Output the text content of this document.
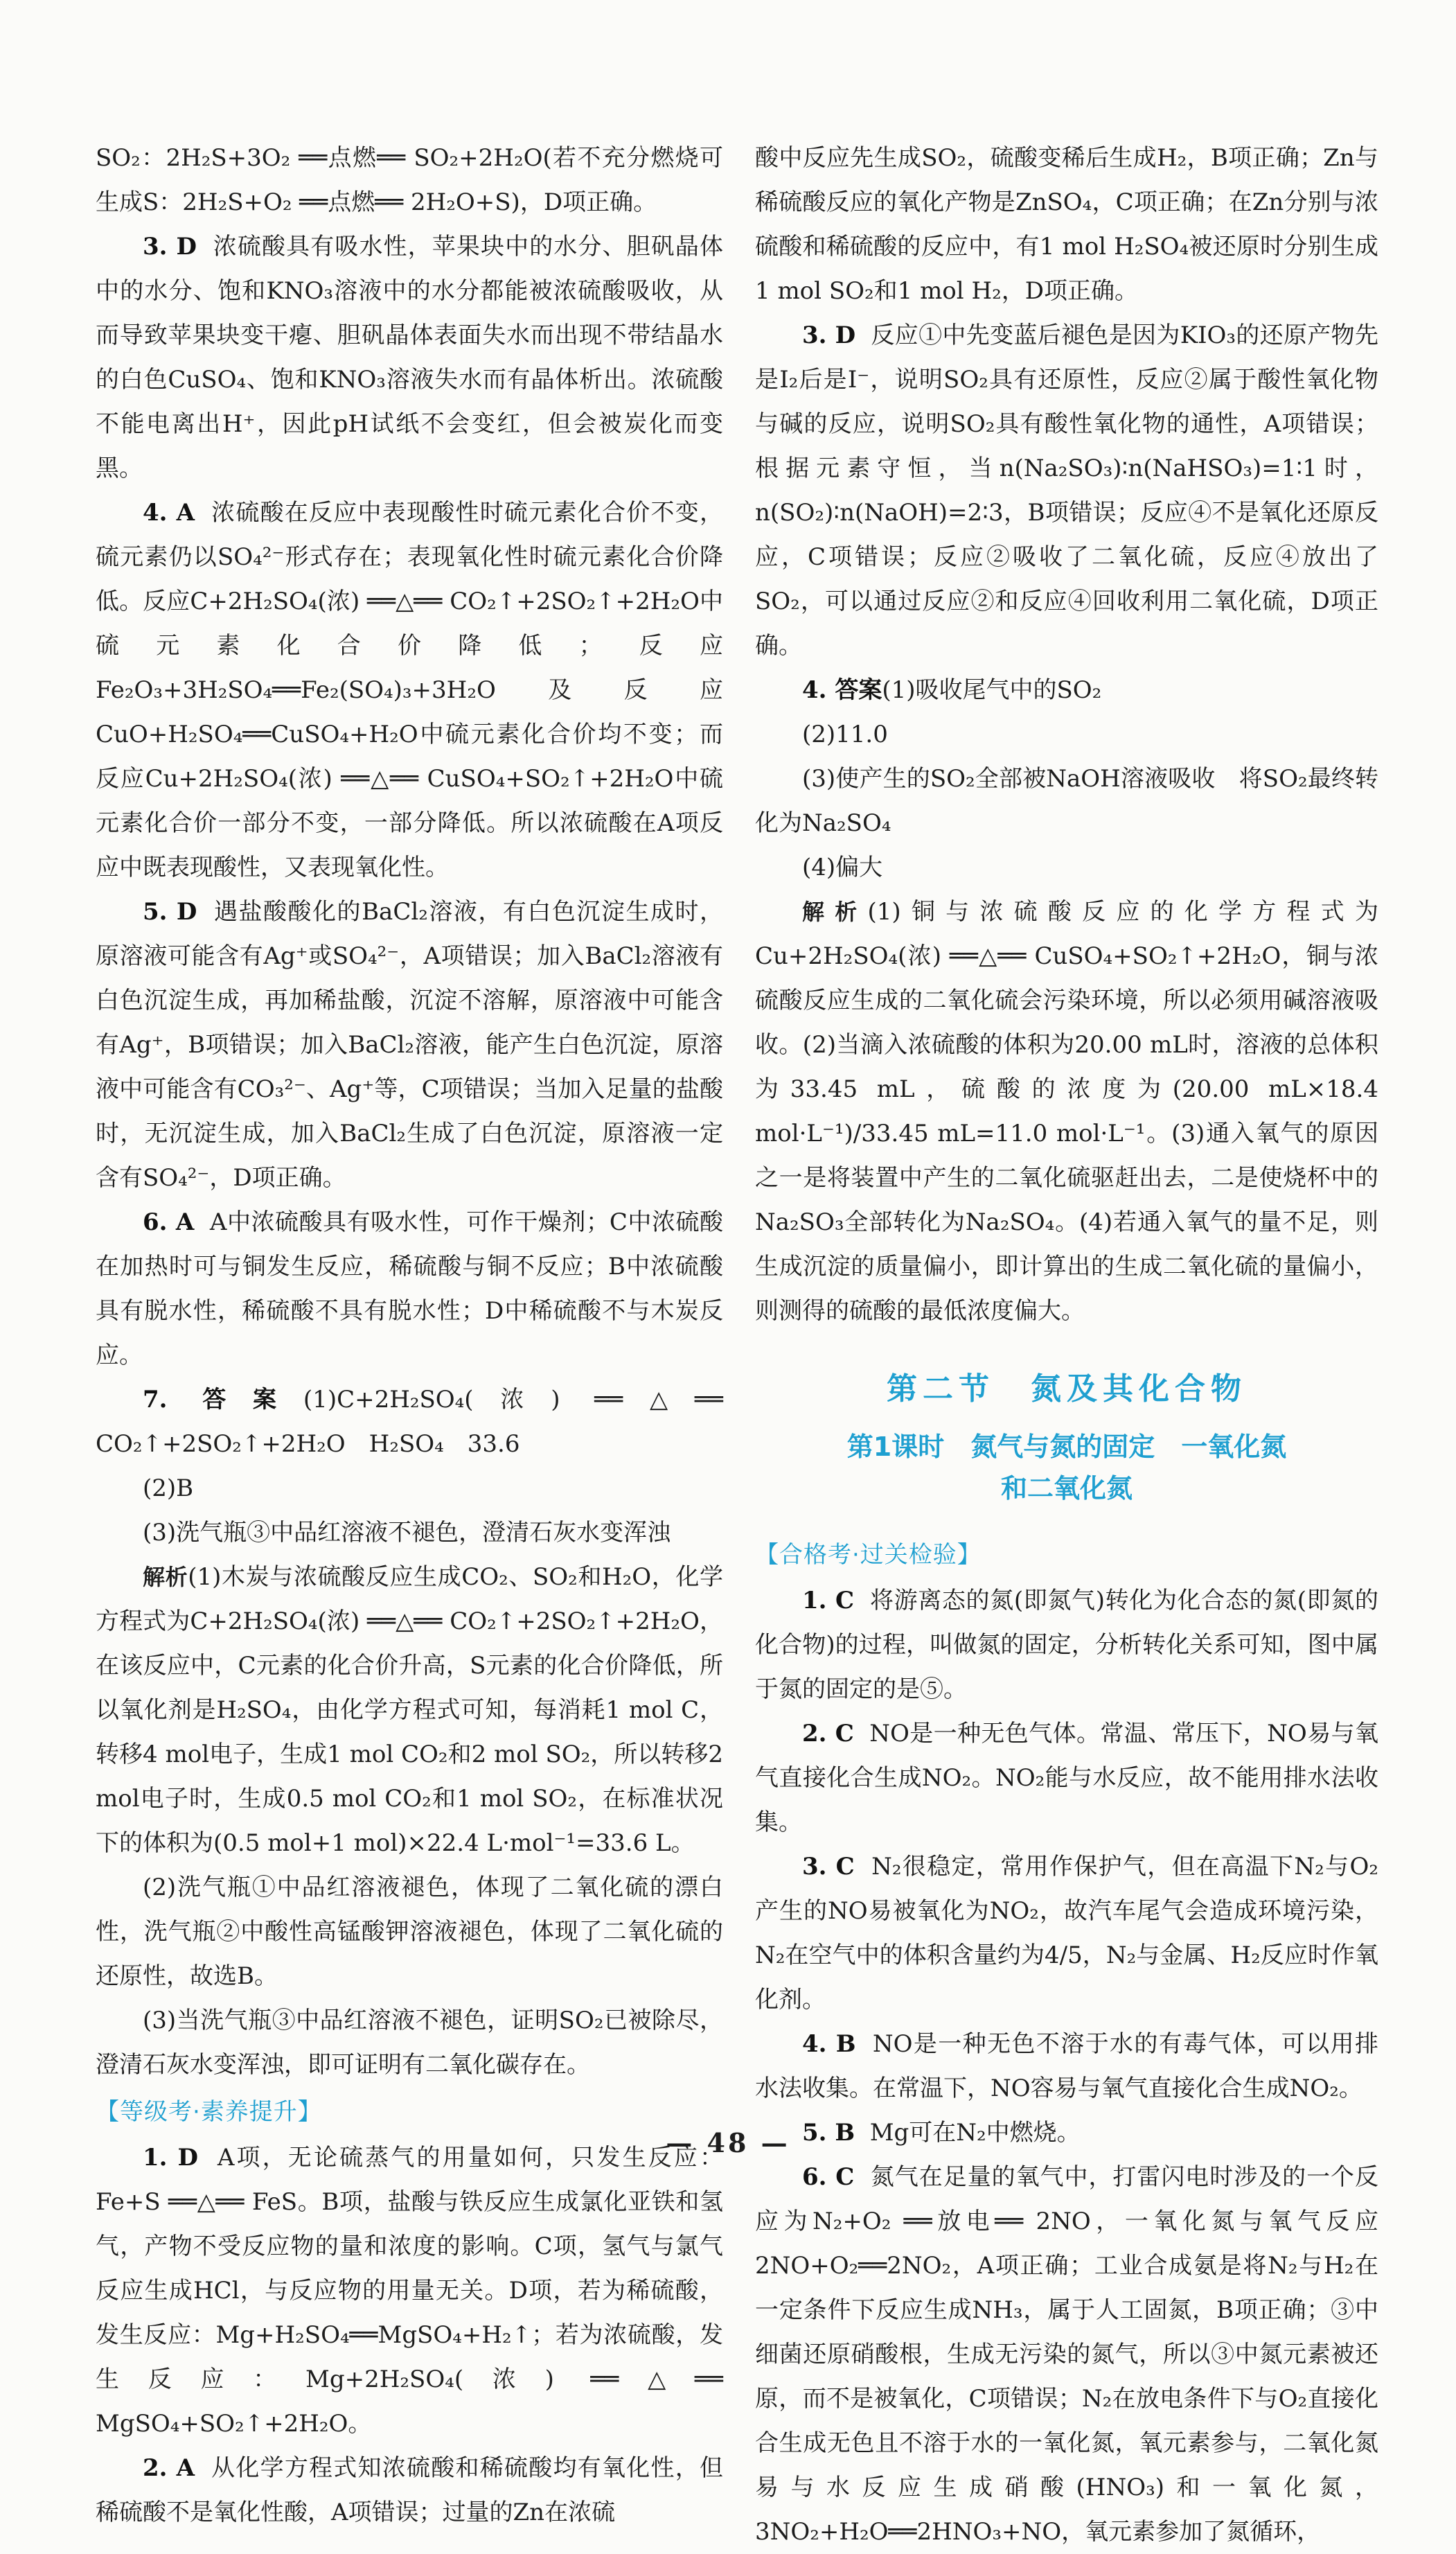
SO₂：2H₂S+3O₂ ══点燃══ SO₂+2H₂O(若不充分燃烧可生成S：2H₂S+O₂ ══点燃══ 2H₂O+S)，D项正确。

3. D  浓硫酸具有吸水性，苹果块中的水分、胆矾晶体中的水分、饱和KNO₃溶液中的水分都能被浓硫酸吸收，从而导致苹果块变干瘪、胆矾晶体表面失水而出现不带结晶水的白色CuSO₄、饱和KNO₃溶液失水而有晶体析出。浓硫酸不能电离出H⁺，因此pH试纸不会变红，但会被炭化而变黑。

4. A  浓硫酸在反应中表现酸性时硫元素化合价不变，硫元素仍以SO₄²⁻形式存在；表现氧化性时硫元素化合价降低。反应C+2H₂SO₄(浓) ══△══ CO₂↑+2SO₂↑+2H₂O中硫元素化合价降低；反应Fe₂O₃+3H₂SO₄══Fe₂(SO₄)₃+3H₂O及反应CuO+H₂SO₄══CuSO₄+H₂O中硫元素化合价均不变；而反应Cu+2H₂SO₄(浓) ══△══ CuSO₄+SO₂↑+2H₂O中硫元素化合价一部分不变，一部分降低。所以浓硫酸在A项反应中既表现酸性，又表现氧化性。

5. D  遇盐酸酸化的BaCl₂溶液，有白色沉淀生成时，原溶液可能含有Ag⁺或SO₄²⁻，A项错误；加入BaCl₂溶液有白色沉淀生成，再加稀盐酸，沉淀不溶解，原溶液中可能含有Ag⁺，B项错误；加入BaCl₂溶液，能产生白色沉淀，原溶液中可能含有CO₃²⁻、Ag⁺等，C项错误；当加入足量的盐酸时，无沉淀生成，加入BaCl₂生成了白色沉淀，原溶液一定含有SO₄²⁻，D项正确。

6. A  A中浓硫酸具有吸水性，可作干燥剂；C中浓硫酸在加热时可与铜发生反应，稀硫酸与铜不反应；B中浓硫酸具有脱水性，稀硫酸不具有脱水性；D中稀硫酸不与木炭反应。

7. 答案(1)C+2H₂SO₄(浓) ══△══ CO₂↑+2SO₂↑+2H₂O　H₂SO₄　33.6

(2)B

(3)洗气瓶③中品红溶液不褪色，澄清石灰水变浑浊

解析(1)木炭与浓硫酸反应生成CO₂、SO₂和H₂O，化学方程式为C+2H₂SO₄(浓) ══△══ CO₂↑+2SO₂↑+2H₂O，在该反应中，C元素的化合价升高，S元素的化合价降低，所以氧化剂是H₂SO₄，由化学方程式可知，每消耗1 mol C，转移4 mol电子，生成1 mol CO₂和2 mol SO₂，所以转移2 mol电子时，生成0.5 mol CO₂和1 mol SO₂，在标准状况下的体积为(0.5 mol+1 mol)×22.4 L·mol⁻¹=33.6 L。

(2)洗气瓶①中品红溶液褪色，体现了二氧化硫的漂白性，洗气瓶②中酸性高锰酸钾溶液褪色，体现了二氧化硫的还原性，故选B。

(3)当洗气瓶③中品红溶液不褪色，证明SO₂已被除尽，澄清石灰水变浑浊，即可证明有二氧化碳存在。

【等级考·素养提升】

1. D  A项，无论硫蒸气的用量如何，只发生反应：Fe+S ══△══ FeS。B项，盐酸与铁反应生成氯化亚铁和氢气，产物不受反应物的量和浓度的影响。C项，氢气与氯气反应生成HCl，与反应物的用量无关。D项，若为稀硫酸，发生反应：Mg+H₂SO₄══MgSO₄+H₂↑；若为浓硫酸，发生反应：Mg+2H₂SO₄(浓) ══△══ MgSO₄+SO₂↑+2H₂O。

2. A  从化学方程式知浓硫酸和稀硫酸均有氧化性，但稀硫酸不是氧化性酸，A项错误；过量的Zn在浓硫

酸中反应先生成SO₂，硫酸变稀后生成H₂，B项正确；Zn与稀硫酸反应的氧化产物是ZnSO₄，C项正确；在Zn分别与浓硫酸和稀硫酸的反应中，有1 mol H₂SO₄被还原时分别生成1 mol SO₂和1 mol H₂，D项正确。

3. D  反应①中先变蓝后褪色是因为KIO₃的还原产物先是I₂后是I⁻，说明SO₂具有还原性，反应②属于酸性氧化物与碱的反应，说明SO₂具有酸性氧化物的通性，A项错误；根据元素守恒，当n(Na₂SO₃)∶n(NaHSO₃)=1∶1时，n(SO₂)∶n(NaOH)=2∶3，B项错误；反应④不是氧化还原反应，C项错误；反应②吸收了二氧化硫，反应④放出了SO₂，可以通过反应②和反应④回收利用二氧化硫，D项正确。

4. 答案(1)吸收尾气中的SO₂

(2)11.0

(3)使产生的SO₂全部被NaOH溶液吸收　将SO₂最终转化为Na₂SO₄

(4)偏大

解析(1)铜与浓硫酸反应的化学方程式为Cu+2H₂SO₄(浓) ══△══ CuSO₄+SO₂↑+2H₂O，铜与浓硫酸反应生成的二氧化硫会污染环境，所以必须用碱溶液吸收。(2)当滴入浓硫酸的体积为20.00 mL时，溶液的总体积为33.45 mL，硫酸的浓度为(20.00 mL×18.4 mol·L⁻¹)/33.45 mL=11.0 mol·L⁻¹。(3)通入氧气的原因之一是将装置中产生的二氧化硫驱赶出去，二是使烧杯中的Na₂SO₃全部转化为Na₂SO₄。(4)若通入氧气的量不足，则生成沉淀的质量偏小，即计算出的生成二氧化硫的量偏小，则测得的硫酸的最低浓度偏大。

第二节　氮及其化合物
第1课时　氮气与氮的固定　一氧化氮
和二氧化氮
【合格考·过关检验】

1. C  将游离态的氮(即氮气)转化为化合态的氮(即氮的化合物)的过程，叫做氮的固定，分析转化关系可知，图中属于氮的固定的是⑤。

2. C  NO是一种无色气体。常温、常压下，NO易与氧气直接化合生成NO₂。NO₂能与水反应，故不能用排水法收集。

3. C  N₂很稳定，常用作保护气，但在高温下N₂与O₂产生的NO易被氧化为NO₂，故汽车尾气会造成环境污染，N₂在空气中的体积含量约为4/5，N₂与金属、H₂反应时作氧化剂。

4. B  NO是一种无色不溶于水的有毒气体，可以用排水法收集。在常温下，NO容易与氧气直接化合生成NO₂。

5. B  Mg可在N₂中燃烧。

6. C  氮气在足量的氧气中，打雷闪电时涉及的一个反应为N₂+O₂ ══放电══ 2NO，一氧化氮与氧气反应2NO+O₂══2NO₂，A项正确；工业合成氨是将N₂与H₂在一定条件下反应生成NH₃，属于人工固氮，B项正确；③中细菌还原硝酸根，生成无污染的氮气，所以③中氮元素被还原，而不是被氧化，C项错误；N₂在放电条件下与O₂直接化合生成无色且不溶于水的一氧化氮，氧元素参与，二氧化氮易与水反应生成硝酸(HNO₃)和一氧化氮，3NO₂+H₂O══2HNO₃+NO，氧元素参加了氮循环，

— 48 —
